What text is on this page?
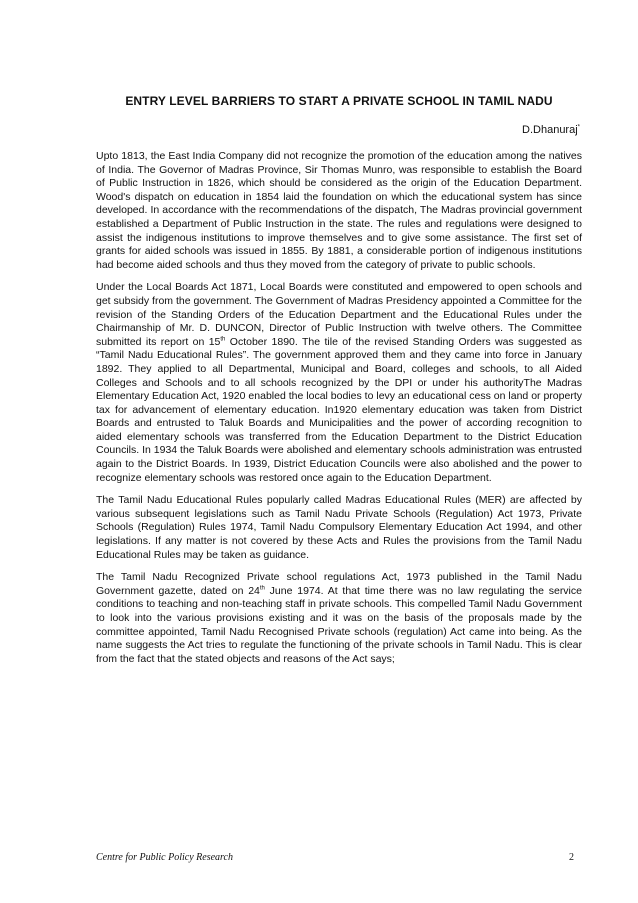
ENTRY LEVEL BARRIERS TO START A PRIVATE SCHOOL IN TAMIL NADU
D.Dhanuraj*

Upto 1813, the East India Company did not recognize the promotion of the education among the natives of India. The Governor of Madras Province, Sir Thomas Munro, was responsible to establish the Board of Public Instruction in 1826, which should be considered as the origin of the Education Department. Wood's dispatch on education in 1854 laid the foundation on which the educational system has since developed. In accordance with the recommendations of the dispatch, The Madras provincial government established a Department of Public Instruction in the state. The rules and regulations were designed to assist the indigenous institutions to improve themselves and to give some assistance. The first set of grants for aided schools was issued in 1855. By 1881, a considerable portion of indigenous institutions had become aided schools and thus they moved from the category of private to public schools.

Under the Local Boards Act 1871, Local Boards were constituted and empowered to open schools and get subsidy from the government. The Government of Madras Presidency appointed a Committee for the revision of the Standing Orders of the Education Department and the Educational Rules under the Chairmanship of Mr. D. DUNCON, Director of Public Instruction with twelve others. The Committee submitted its report on 15th October 1890. The tile of the revised Standing Orders was suggested as “Tamil Nadu Educational Rules”. The government approved them and they came into force in January 1892. They applied to all Departmental, Municipal and Board, colleges and schools, to all Aided Colleges and Schools and to all schools recognized by the DPI or under his authorityThe Madras Elementary Education Act, 1920 enabled the local bodies to levy an educational cess on land or property tax for advancement of elementary education. In1920 elementary education was taken from District Boards and entrusted to Taluk Boards and Municipalities and the power of according recognition to aided elementary schools was transferred from the Education Department to the District Education Councils. In 1934 the Taluk Boards were abolished and elementary schools administration was entrusted again to the District Boards. In 1939, District Education Councils were also abolished and the power to recognize elementary schools was restored once again to the Education Department.

The Tamil Nadu Educational Rules popularly called Madras Educational Rules (MER) are affected by various subsequent legislations such as Tamil Nadu Private Schools (Regulation) Act 1973, Private Schools (Regulation) Rules 1974, Tamil Nadu Compulsory Elementary Education Act 1994, and other legislations. If any matter is not covered by these Acts and Rules the provisions from the Tamil Nadu Educational Rules may be taken as guidance.

The Tamil Nadu Recognized Private school regulations Act, 1973 published in the Tamil Nadu Government gazette, dated on 24th June 1974. At that time there was no law regulating the service conditions to teaching and non-teaching staff in private schools. This compelled Tamil Nadu Government to look into the various provisions existing and it was on the basis of the proposals made by the committee appointed, Tamil Nadu Recognised Private schools (regulation) Act came into being. As the name suggests the Act tries to regulate the functioning of the private schools in Tamil Nadu. This is clear from the fact that the stated objects and reasons of the Act says;

Centre for Public Policy Research	2
